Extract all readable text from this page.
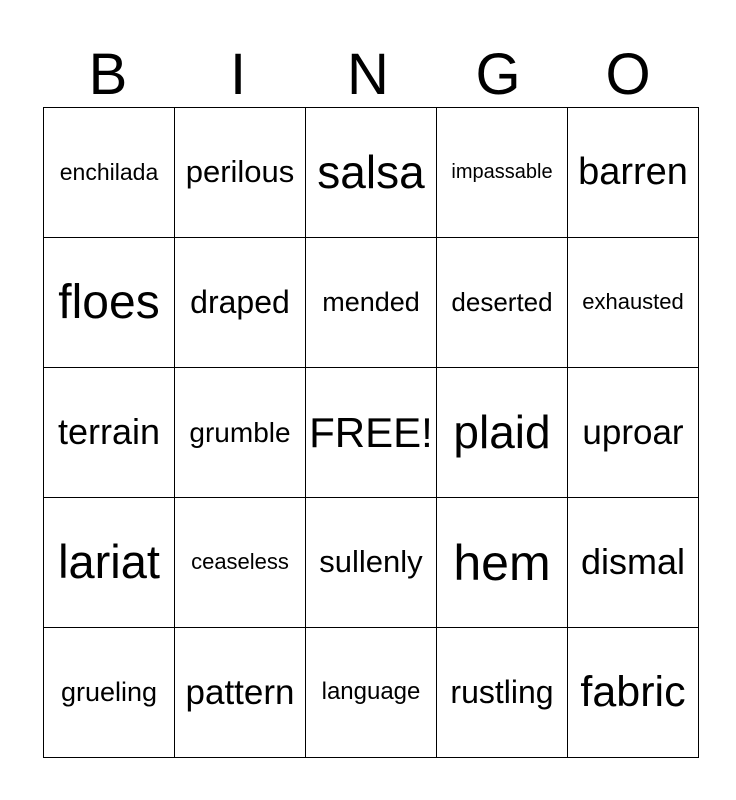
B	I	N	G	O
enchilada	perilous	salsa	impassable	barren
floes	draped	mended	deserted	exhausted
terrain	grumble	FREE!	plaid	uproar
lariat	ceaseless	sullenly	hem	dismal
grueling	pattern	language	rustling	fabric
